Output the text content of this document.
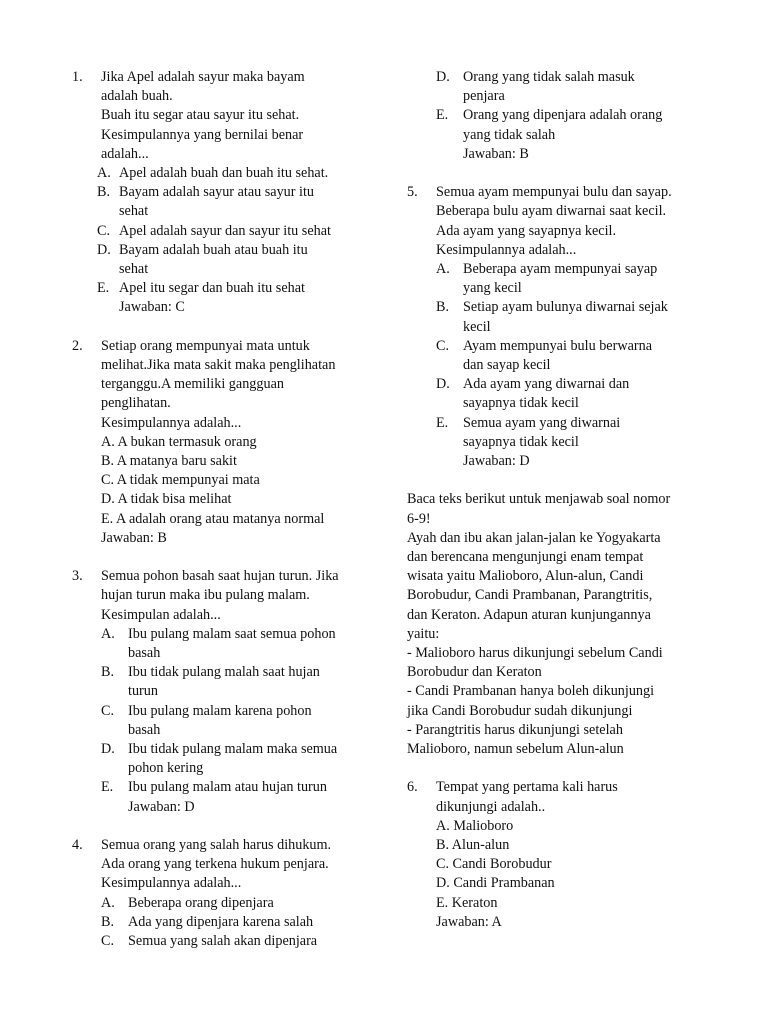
1. Jika Apel adalah sayur maka bayam
adalah buah.
Buah itu segar atau sayur itu sehat.
Kesimpulannya yang bernilai benar
adalah...
A. Apel adalah buah dan buah itu sehat.
B. Bayam adalah sayur atau sayur itu
sehat
C. Apel adalah sayur dan sayur itu sehat
D. Bayam adalah buah atau buah itu
sehat
E. Apel itu segar dan buah itu sehat
Jawaban: C
2. Setiap orang mempunyai mata untuk
melihat.Jika mata sakit maka penglihatan
terganggu.A memiliki gangguan
penglihatan.
Kesimpulannya adalah...
A. A bukan termasuk orang
B. A matanya baru sakit
C. A tidak mempunyai mata
D. A tidak bisa melihat
E. A adalah orang atau matanya normal
Jawaban: B
3. Semua pohon basah saat hujan turun. Jika
hujan turun maka ibu pulang malam.
Kesimpulan adalah...
A. Ibu pulang malam saat semua pohon
basah
B. Ibu tidak pulang malah saat hujan
turun
C. Ibu pulang malam karena pohon
basah
D. Ibu tidak pulang malam maka semua
pohon kering
E. Ibu pulang malam atau hujan turun
Jawaban: D
4. Semua orang yang salah harus dihukum.
Ada orang yang terkena hukum penjara.
Kesimpulannya adalah...
A. Beberapa orang dipenjara
B. Ada yang dipenjara karena salah
C. Semua yang salah akan dipenjara
D. Orang yang tidak salah masuk
penjara
E. Orang yang dipenjara adalah orang
yang tidak salah
Jawaban: B
5. Semua ayam mempunyai bulu dan sayap.
Beberapa bulu ayam diwarnai saat kecil.
Ada ayam yang sayapnya kecil.
Kesimpulannya adalah...
A. Beberapa ayam mempunyai sayap
yang kecil
B. Setiap ayam bulunya diwarnai sejak
kecil
C. Ayam mempunyai bulu berwarna
dan sayap kecil
D. Ada ayam yang diwarnai dan
sayapnya tidak kecil
E. Semua ayam yang diwarnai
sayapnya tidak kecil
Jawaban: D
Baca teks berikut untuk menjawab soal nomor
6-9!
Ayah dan ibu akan jalan-jalan ke Yogyakarta
dan berencana mengunjungi enam tempat
wisata yaitu Malioboro, Alun-alun, Candi
Borobudur, Candi Prambanan, Parangtritis,
dan Keraton. Adapun aturan kunjungannya
yaitu:
- Malioboro harus dikunjungi sebelum Candi
Borobudur dan Keraton
- Candi Prambanan hanya boleh dikunjungi
jika Candi Borobudur sudah dikunjungi
- Parangtritis harus dikunjungi setelah
Malioboro, namun sebelum Alun-alun
6. Tempat yang pertama kali harus
dikunjungi adalah..
A. Malioboro
B. Alun-alun
C. Candi Borobudur
D. Candi Prambanan
E. Keraton
Jawaban: A
